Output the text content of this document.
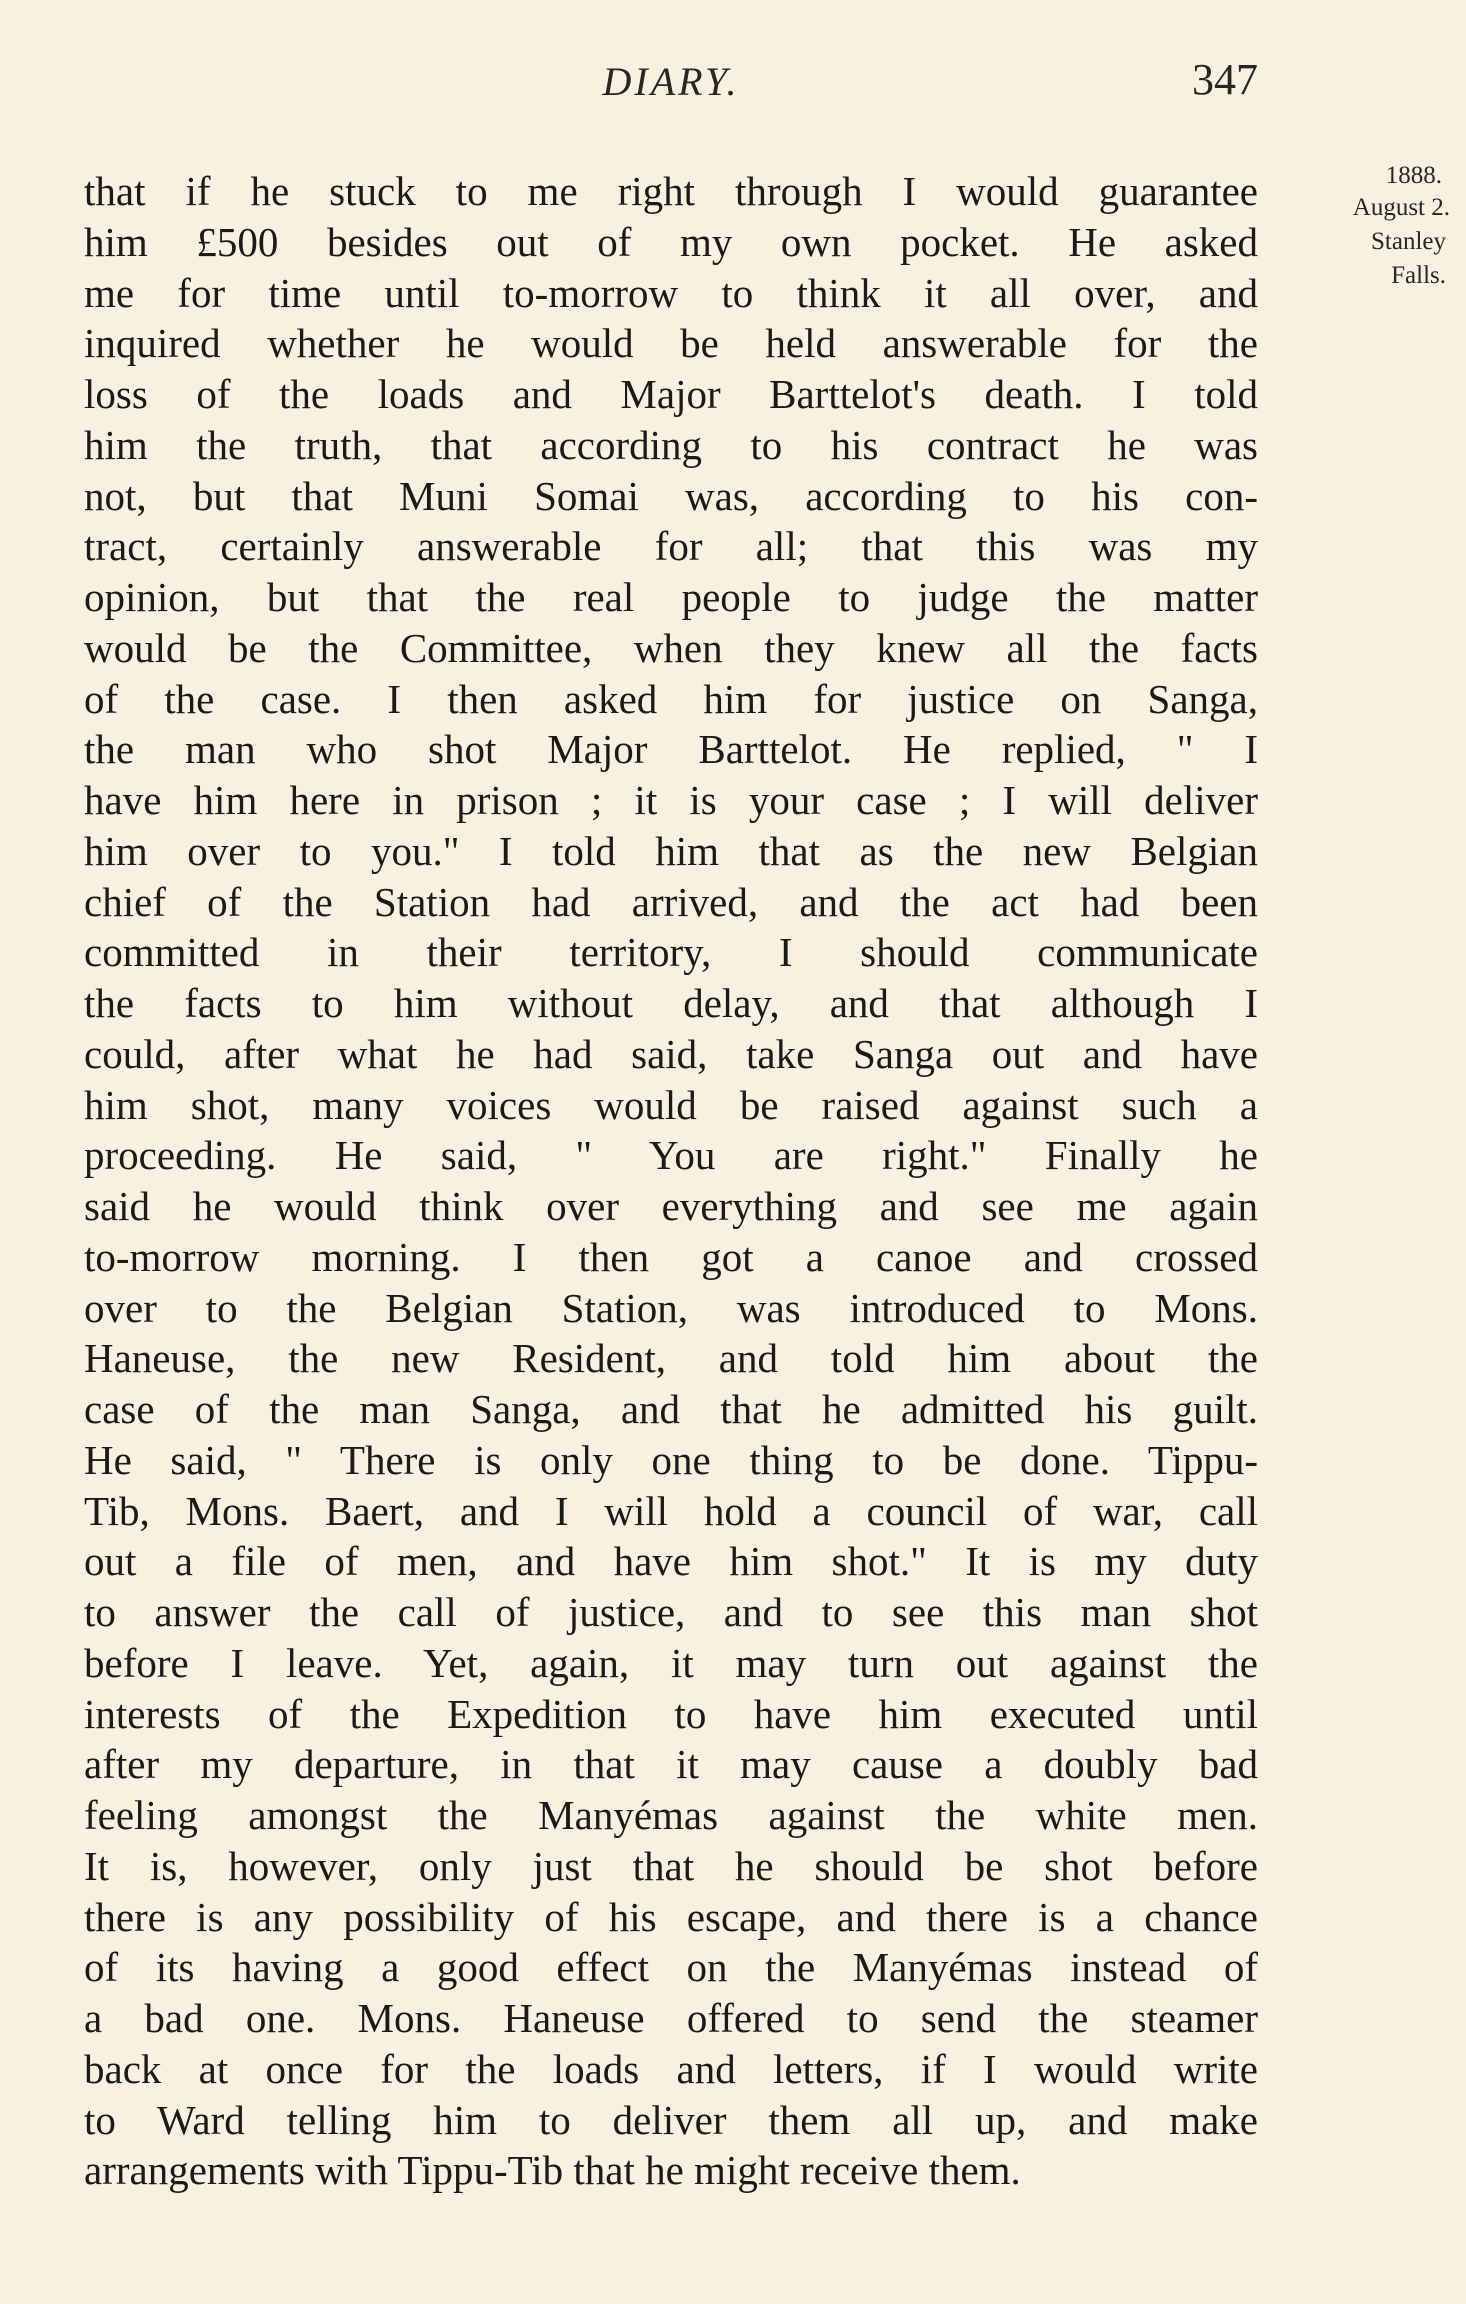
DIARY.	347
1888.
August 2.
Stanley
Falls.
that if he stuck to me right through I would guarantee
him £500 besides out of my own pocket. He asked
me for time until to-morrow to think it all over, and
inquired whether he would be held answerable for the
loss of the loads and Major Barttelot's death. I told
him the truth, that according to his contract he was
not, but that Muni Somai was, according to his con-
tract, certainly answerable for all; that this was my
opinion, but that the real people to judge the matter
would be the Committee, when they knew all the facts
of the case. I then asked him for justice on Sanga,
the man who shot Major Barttelot. He replied, " I
have him here in prison ; it is your case ; I will deliver
him over to you." I told him that as the new Belgian
chief of the Station had arrived, and the act had been
committed in their territory, I should communicate
the facts to him without delay, and that although I
could, after what he had said, take Sanga out and have
him shot, many voices would be raised against such a
proceeding. He said, " You are right." Finally he
said he would think over everything and see me again
to-morrow morning. I then got a canoe and crossed
over to the Belgian Station, was introduced to Mons.
Haneuse, the new Resident, and told him about the
case of the man Sanga, and that he admitted his guilt.
He said, " There is only one thing to be done. Tippu-
Tib, Mons. Baert, and I will hold a council of war, call
out a file of men, and have him shot." It is my duty
to answer the call of justice, and to see this man shot
before I leave. Yet, again, it may turn out against the
interests of the Expedition to have him executed until
after my departure, in that it may cause a doubly bad
feeling amongst the Manyémas against the white men.
It is, however, only just that he should be shot before
there is any possibility of his escape, and there is a chance
of its having a good effect on the Manyémas instead of
a bad one. Mons. Haneuse offered to send the steamer
back at once for the loads and letters, if I would write
to Ward telling him to deliver them all up, and make
arrangements with Tippu-Tib that he might receive them.
